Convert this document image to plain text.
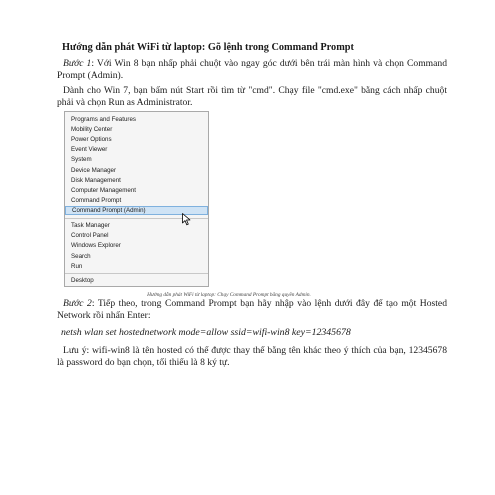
Hướng dẫn phát WiFi từ laptop: Gõ lệnh trong Command Prompt
Bước 1: Với Win 8 bạn nhấp phải chuột vào ngay góc dưới bên trái màn hình và chọn Command Prompt (Admin).
Dành cho Win 7, bạn bấm nút Start rồi tìm từ "cmd". Chạy file "cmd.exe" bằng cách nhấp chuột phải và chọn Run as Administrator.
Programs and Features
Mobility Center
Power Options
Event Viewer
System
Device Manager
Disk Management
Computer Management
Command Prompt
Command Prompt (Admin)
Task Manager
Control Panel
Windows Explorer
Search
Run
Desktop
Hướng dẫn phát WiFi từ laptop: Chạy Command Prompt bằng quyền Admin.
Bước 2: Tiếp theo, trong Command Prompt bạn hãy nhập vào lệnh dưới đây để tạo một Hosted Network rồi nhấn Enter:
netsh wlan set hostednetwork mode=allow ssid=wifi-win8 key=12345678
Lưu ý: wifi-win8 là tên hosted có thể được thay thế bằng tên khác theo ý thích của bạn, 12345678 là password do bạn chọn, tối thiểu là 8 ký tự.
